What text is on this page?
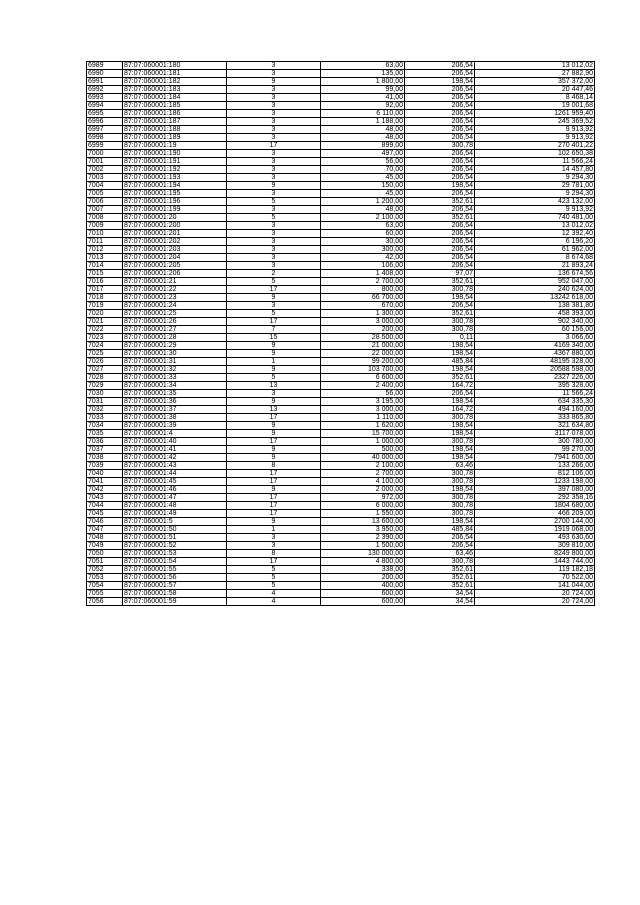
6989	87:07:060001:180	3	63,00	206,54	13 012,02
6990	87:07:060001:181	3	135,00	206,54	27 882,90
6991	87:07:060001:182	9	1 800,00	198,54	357 372,00
6992	87:07:060001:183	3	99,00	206,54	20 447,46
6993	87:07:060001:184	3	41,00	206,54	8 468,14
6994	87:07:060001:185	3	92,00	206,54	19 001,68
6995	87:07:060001:186	3	6 110,00	206,54	1261 959,40
6996	87:07:060001:187	3	1 188,00	206,54	245 369,52
6997	87:07:060001:188	3	48,00	206,54	9 913,92
6998	87:07:060001:189	3	48,00	206,54	9 913,92
6999	87:07:060001:19	17	899,00	300,78	270 401,22
7000	87:07:060001:190	3	497,00	206,54	102 650,38
7001	87:07:060001:191	3	56,00	206,54	11 566,24
7002	87:07:060001:192	3	70,00	206,54	14 457,80
7003	87:07:060001:193	3	45,00	206,54	9 294,30
7004	87:07:060001:194	9	150,00	198,54	29 781,00
7005	87:07:060001:195	3	45,00	206,54	9 294,30
7006	87:07:060001:196	5	1 200,00	352,61	423 132,00
7007	87:07:060001:199	3	48,00	206,54	9 913,92
7008	87:07:060001:20	5	2 100,00	352,61	740 481,00
7009	87:07:060001:200	3	63,00	206,54	13 012,02
7010	87:07:060001:201	3	60,00	206,54	12 392,40
7011	87:07:060001:202	3	30,00	206,54	6 196,20
7012	87:07:060001:203	3	300,00	206,54	61 962,00
7013	87:07:060001:204	3	42,00	206,54	8 674,68
7014	87:07:060001:205	3	106,00	206,54	21 893,24
7015	87:07:060001:206	2	1 408,00	97,07	136 674,56
7016	87:07:060001:21	5	2 700,00	352,61	952 047,00
7017	87:07:060001:22	17	800,00	300,78	240 624,00
7018	87:07:060001:23	9	66 700,00	198,54	13242 618,00
7019	87:07:060001:24	3	670,00	206,54	138 381,80
7020	87:07:060001:25	5	1 300,00	352,61	458 393,00
7021	87:07:060001:26	17	3 000,00	300,78	902 340,00
7022	87:07:060001:27	7	200,00	300,78	60 156,00
7023	87:07:060001:28	15	28 500,00	0,11	3 066,60
7024	87:07:060001:29	9	21 000,00	198,54	4169 340,00
7025	87:07:060001:30	9	22 000,00	198,54	4367 880,00
7026	87:07:060001:31	1	99 200,00	485,84	48195 328,00
7027	87:07:060001:32	9	103 700,00	198,54	20588 598,00
7028	87:07:060001:33	5	6 600,00	352,61	2327 226,00
7029	87:07:060001:34	13	2 400,00	164,72	395 328,00
7030	87:07:060001:35	3	56,00	206,54	11 566,24
7031	87:07:060001:36	9	3 195,00	198,54	634 335,30
7032	87:07:060001:37	13	3 000,00	164,72	494 160,00
7033	87:07:060001:38	17	1 110,00	300,78	333 865,80
7034	87:07:060001:39	9	1 620,00	198,54	321 634,80
7035	87:07:060001:4	9	15 700,00	198,54	3117 078,00
7036	87:07:060001:40	17	1 000,00	300,78	300 780,00
7037	87:07:060001:41	9	500,00	198,54	99 270,00
7038	87:07:060001:42	9	40 000,00	198,54	7941 600,00
7039	87:07:060001:43	8	2 100,00	63,46	133 266,00
7040	87:07:060001:44	17	2 700,00	300,78	812 106,00
7041	87:07:060001:45	17	4 100,00	300,78	1233 198,00
7042	87:07:060001:46	9	2 000,00	198,54	397 080,00
7043	87:07:060001:47	17	972,00	300,78	292 358,16
7044	87:07:060001:48	17	6 000,00	300,78	1804 680,00
7045	87:07:060001:49	17	1 550,00	300,78	466 209,00
7046	87:07:060001:5	9	13 600,00	198,54	2700 144,00
7047	87:07:060001:50	1	3 950,00	485,84	1919 068,00
7048	87:07:060001:51	3	2 390,00	206,54	493 630,60
7049	87:07:060001:52	3	1 500,00	206,54	309 810,00
7050	87:07:060001:53	8	130 000,00	63,46	8249 800,00
7051	87:07:060001:54	17	4 800,00	300,78	1443 744,00
7052	87:07:060001:55	5	338,00	352,61	119 182,18
7053	87:07:060001:56	5	200,00	352,61	70 522,00
7054	87:07:060001:57	5	400,00	352,61	141 044,00
7055	87:07:060001:58	4	600,00	34,54	20 724,00
7056	87:07:060001:59	4	600,00	34,54	20 724,00
